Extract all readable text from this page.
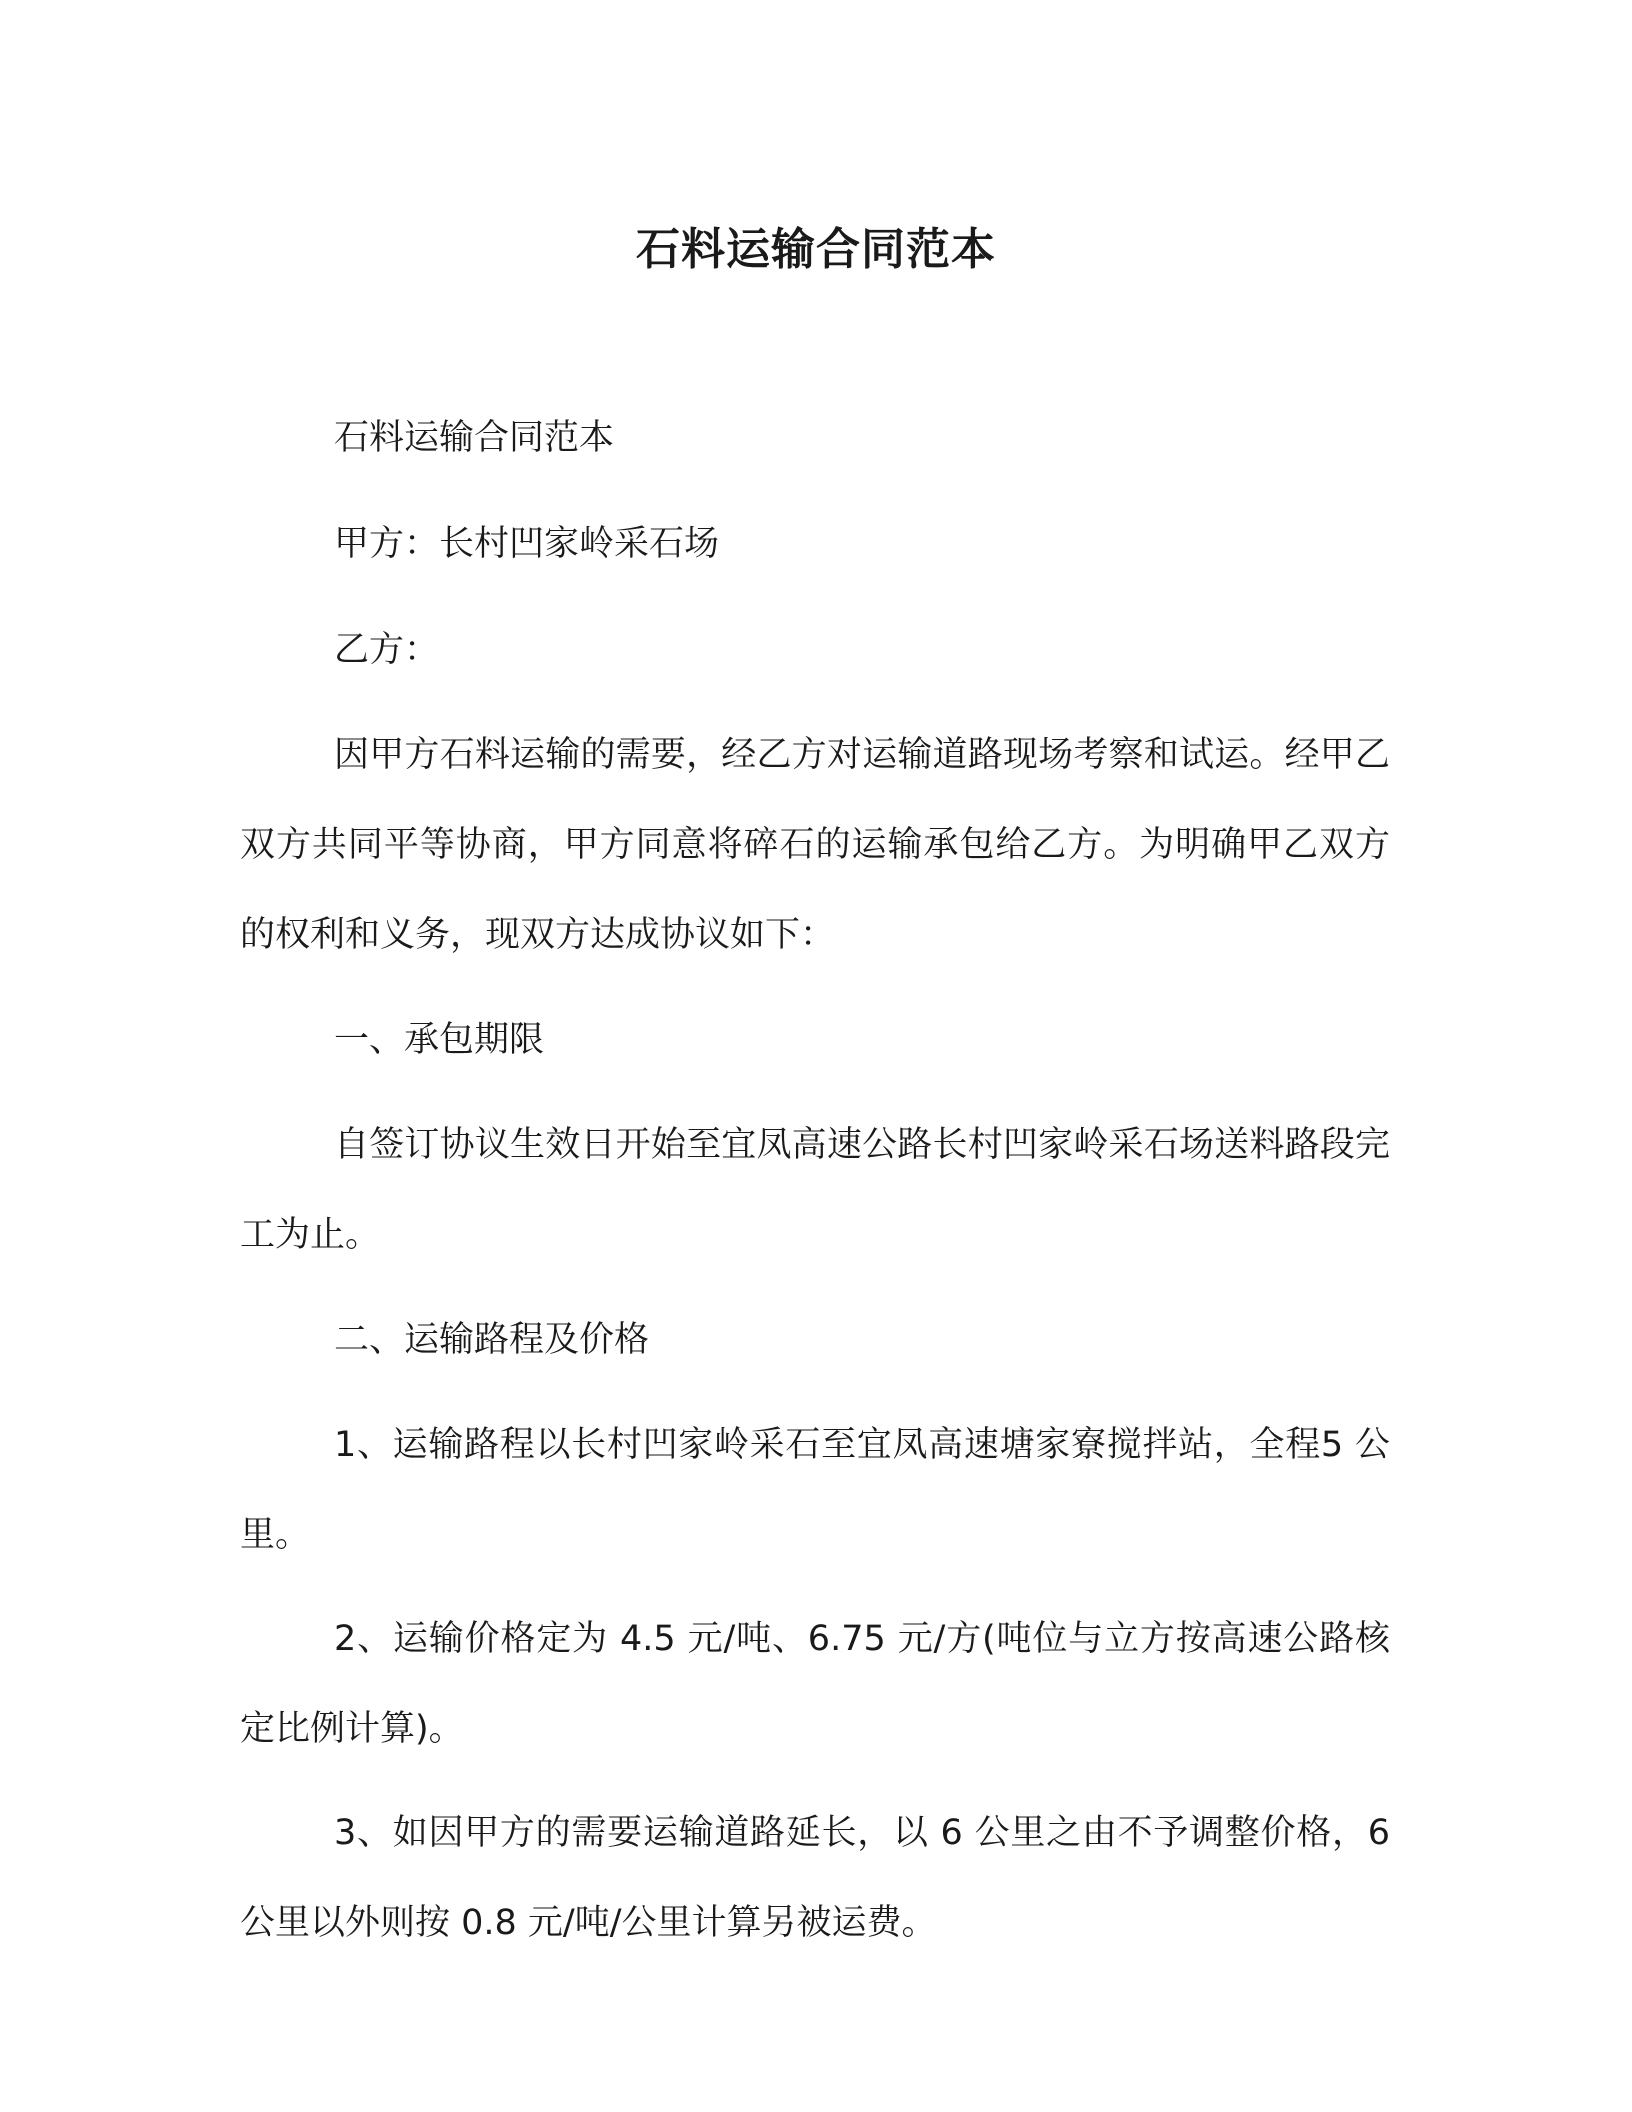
石料运输合同范本

石料运输合同范本

甲方：长村凹家岭采石场

乙方：

因甲方石料运输的需要，经乙方对运输道路现场考察和试运。经甲乙双方共同平等协商，甲方同意将碎石的运输承包给乙方。为明确甲乙双方的权利和义务，现双方达成协议如下：

一、承包期限

自签订协议生效日开始至宜凤高速公路长村凹家岭采石场送料路段完工为止。

二、运输路程及价格

1、运输路程以长村凹家岭采石至宜凤高速塘家寮搅拌站，全程5 公里。

2、运输价格定为 4.5 元/吨、6.75 元/方(吨位与立方按高速公路核定比例计算)。

3、如因甲方的需要运输道路延长，以 6 公里之由不予调整价格，6 公里以外则按 0.8 元/吨/公里计算另被运费。
